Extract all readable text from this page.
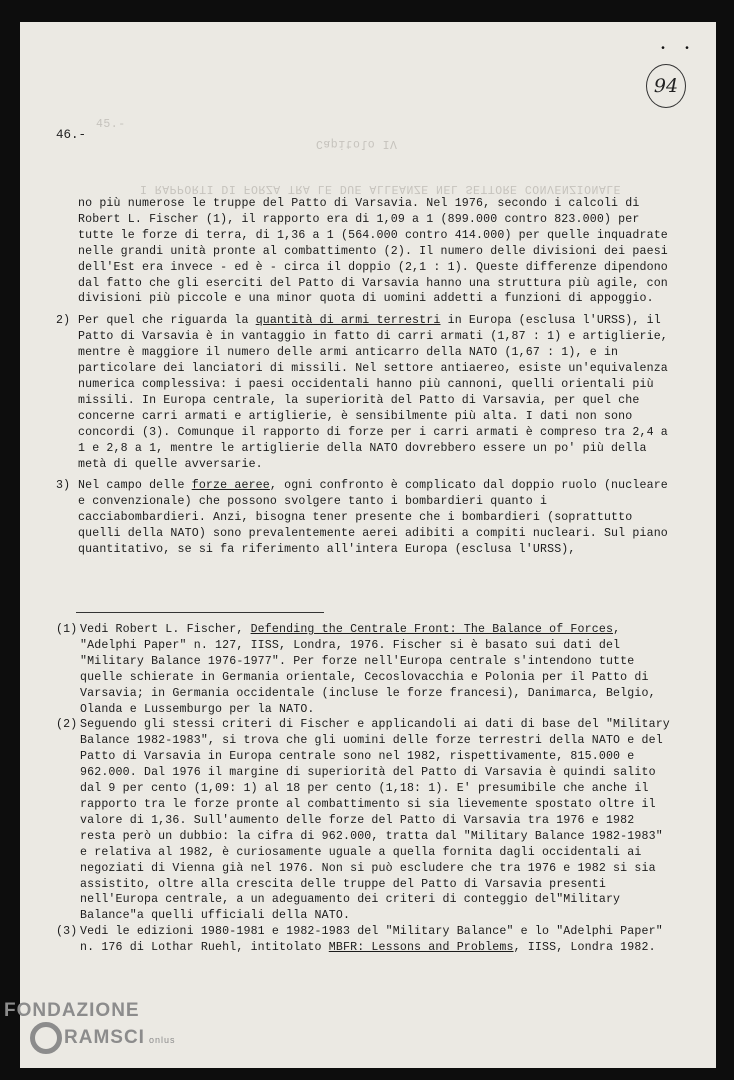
••
45.-
Capitolo IV
I RAPPORTI DI FORZA TRA LE DUE ALLEANZE NEL SETTORE CONVENZIONALE
94
46.-
no più numerose le truppe del Patto di Varsavia. Nel 1976, secondo i calcoli di Robert L. Fischer (1), il rapporto era di 1,09 a 1 (899.000 contro 823.000) per tutte le forze di terra, di 1,36 a 1 (564.000 contro 414.000) per quelle inquadrate nelle grandi unità pronte al combattimento (2). Il numero delle divisioni dei paesi dell'Est era invece - ed è - circa il doppio (2,1 : 1). Queste differenze dipendono dal fatto che gli eserciti del Patto di Varsavia hanno una struttura più agile, con divisioni più piccole e una minor quota di uomini addetti a funzioni di appoggio.
2) Per quel che riguarda la quantità di armi terrestri in Europa (esclusa l'URSS), il Patto di Varsavia è in vantaggio in fatto di carri armati (1,87 : 1) e artiglierie, mentre è maggiore il numero delle armi anticarro della NATO (1,67 : 1), e in particolare dei lanciatori di missili. Nel settore antiaereo, esiste un'equivalenza numerica complessiva: i paesi occidentali hanno più cannoni, quelli orientali più missili. In Europa centrale, la superiorità del Patto di Varsavia, per quel che concerne carri armati e artiglierie, è sensibilmente più alta. I dati non sono concordi (3). Comunque il rapporto di forze per i carri armati è compreso tra 2,4 a 1 e 2,8 a 1, mentre le artiglierie della NATO dovrebbero essere un po' più della metà di quelle avversarie.
3) Nel campo delle forze aeree, ogni confronto è complicato dal doppio ruolo (nucleare e convenzionale) che possono svolgere tanto i bombardieri quanto i cacciabombardieri. Anzi, bisogna tener presente che i bombardieri (soprattutto quelli della NATO) sono prevalentemente aerei adibiti a compiti nucleari. Sul piano quantitativo, se si fa riferimento all'intera Europa (esclusa l'URSS),
(1) Vedi Robert L. Fischer, Defending the Centrale Front: The Balance of Forces, "Adelphi Paper" n. 127, IISS, Londra, 1976. Fischer si è basato sui dati del "Military Balance 1976-1977". Per forze nell'Europa centrale s'intendono tutte quelle schierate in Germania orientale, Cecoslovacchia e Polonia per il Patto di Varsavia; in Germania occidentale (incluse le forze francesi), Danimarca, Belgio, Olanda e Lussemburgo per la NATO.
(2) Seguendo gli stessi criteri di Fischer e applicandoli ai dati di base del "Military Balance 1982-1983", si trova che gli uomini delle forze terrestri della NATO e del Patto di Varsavia in Europa centrale sono nel 1982, rispettivamente, 815.000 e 962.000. Dal 1976 il margine di superiorità del Patto di Varsavia è quindi salito dal 9 per cento (1,09: 1) al 18 per cento (1,18: 1). E' presumibile che anche il rapporto tra le forze pronte al combattimento si sia lievemente spostato oltre il valore di 1,36. Sull'aumento delle forze del Patto di Varsavia tra 1976 e 1982 resta però un dubbio: la cifra di 962.000, tratta dal "Military Balance 1982-1983" e relativa al 1982, è curiosamente uguale a quella fornita dagli occidentali ai negoziati di Vienna già nel 1976. Non si può escludere che tra 1976 e 1982 si sia assistito, oltre alla crescita delle truppe del Patto di Varsavia presenti nell'Europa centrale, a un adeguamento dei criteri di conteggio del"Military Balance"a quelli ufficiali della NATO.
(3) Vedi le edizioni 1980-1981 e 1982-1983 del "Military Balance" e lo "Adelphi Paper" n. 176 di Lothar Ruehl, intitolato MBFR: Lessons and Problems, IISS, Londra 1982.
FONDAZIONE
RAMSCI onlus
